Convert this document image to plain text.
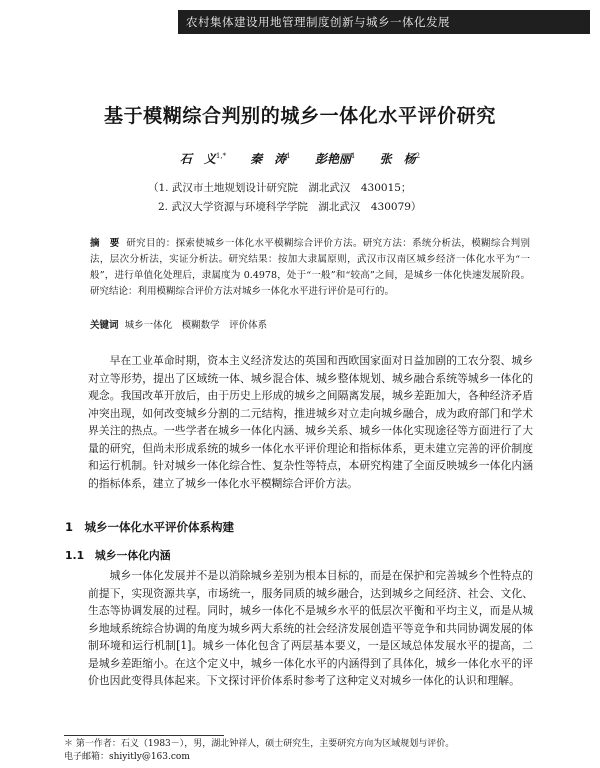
农村集体建设用地管理制度创新与城乡一体化发展
基于模糊综合判别的城乡一体化水平评价研究
石　义$^{1,*}$ 秦　涛$^1$ 彭艳丽$^1$ 张　杨$^2$
（1. 武汉市土地规划设计研究院　湖北武汉　430015；
2. 武汉大学资源与环境科学学院　湖北武汉　430079）
摘　要 研究目的：探索使城乡一体化水平模糊综合评价方法。研究方法：系统分析法，模糊综合判别法，层次分析法，实证分析法。研究结果：按加大隶属原则，武汉市汉南区城乡经济一体化水平为“一般”，进行单值化处理后，隶属度为 0.4978，处于“一般”和“较高”之间，是城乡一体化快速发展阶段。研究结论：利用模糊综合评价方法对城乡一体化水平进行评价是可行的。
关键词 城乡一体化　模糊数学　评价体系
早在工业革命时期，资本主义经济发达的英国和西欧国家面对日益加剧的工农分裂、城乡对立等形势，提出了区域统一体、城乡混合体、城乡整体规划、城乡融合系统等城乡一体化的观念。我国改革开放后，由于历史上形成的城乡之间隔离发展，城乡差距加大，各种经济矛盾冲突出现，如何改变城乡分割的二元结构，推进城乡对立走向城乡融合，成为政府部门和学术界关注的热点。一些学者在城乡一体化内涵、城乡关系、城乡一体化实现途径等方面进行了大量的研究，但尚未形成系统的城乡一体化水平评价理论和指标体系，更未建立完善的评价制度和运行机制。针对城乡一体化综合性、复杂性等特点，本研究构建了全面反映城乡一体化内涵的指标体系，建立了城乡一体化水平模糊综合评价方法。
1　城乡一体化水平评价体系构建
1.1　城乡一体化内涵
城乡一体化发展并不是以消除城乡差别为根本目标的，而是在保护和完善城乡个性特点的前提下，实现资源共享，市场统一，服务同质的城乡融合，达到城乡之间经济、社会、文化、生态等协调发展的过程。同时，城乡一体化不是城乡水平的低层次平衡和平均主义，而是从城乡地域系统综合协调的角度为城乡两大系统的社会经济发展创造平等竞争和共同协调发展的体制环境和运行机制[1]。城乡一体化包含了两层基本要义，一是区域总体发展水平的提高，二是城乡差距缩小。在这个定义中，城乡一体化水平的内涵得到了具体化，城乡一体化水平的评价也因此变得具体起来。下文探讨评价体系时参考了这种定义对城乡一体化的认识和理解。
＊ 第一作者：石义（1983－），男，湖北钟祥人，硕士研究生，主要研究方向为区域规划与评价。
电子邮箱：shiyitly@163.com
